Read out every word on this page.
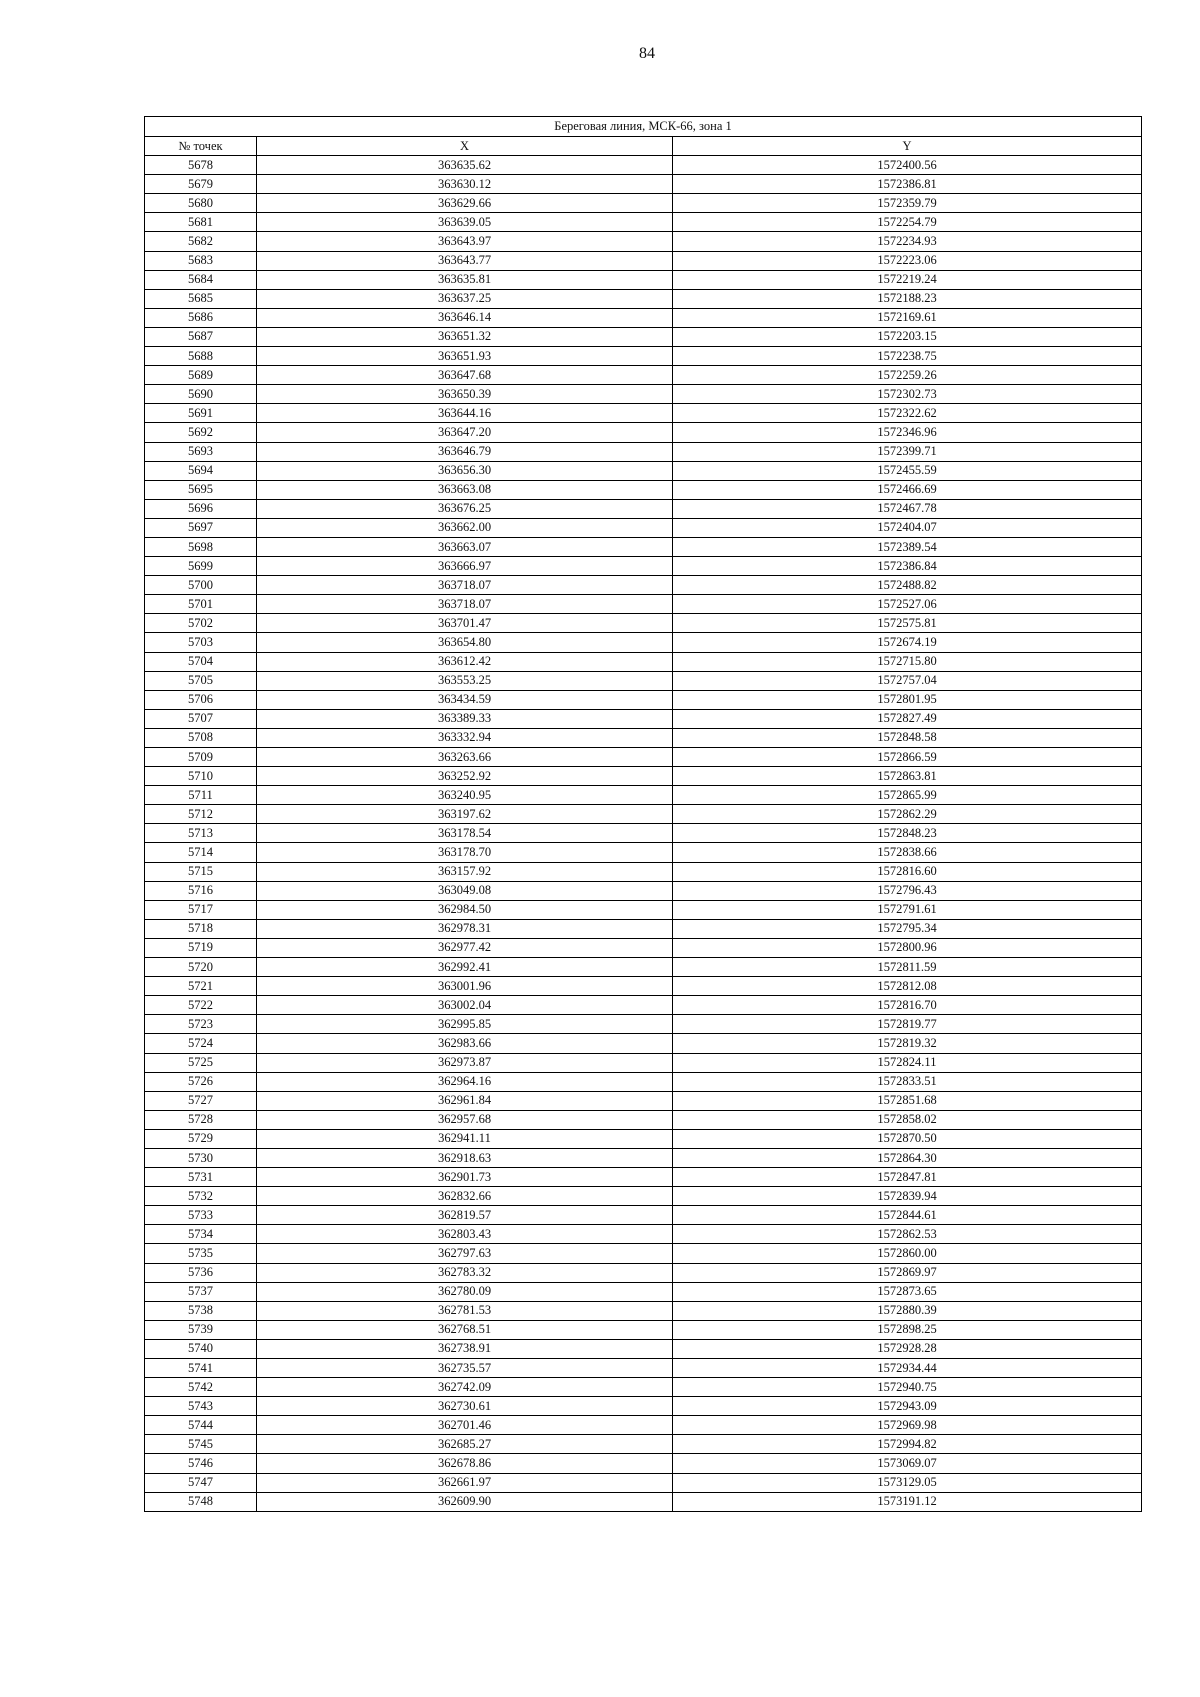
84
Береговая линия, МСК-66, зона 1		
№ точек	X	Y
5678	363635.62	1572400.56
5679	363630.12	1572386.81
5680	363629.66	1572359.79
5681	363639.05	1572254.79
5682	363643.97	1572234.93
5683	363643.77	1572223.06
5684	363635.81	1572219.24
5685	363637.25	1572188.23
5686	363646.14	1572169.61
5687	363651.32	1572203.15
5688	363651.93	1572238.75
5689	363647.68	1572259.26
5690	363650.39	1572302.73
5691	363644.16	1572322.62
5692	363647.20	1572346.96
5693	363646.79	1572399.71
5694	363656.30	1572455.59
5695	363663.08	1572466.69
5696	363676.25	1572467.78
5697	363662.00	1572404.07
5698	363663.07	1572389.54
5699	363666.97	1572386.84
5700	363718.07	1572488.82
5701	363718.07	1572527.06
5702	363701.47	1572575.81
5703	363654.80	1572674.19
5704	363612.42	1572715.80
5705	363553.25	1572757.04
5706	363434.59	1572801.95
5707	363389.33	1572827.49
5708	363332.94	1572848.58
5709	363263.66	1572866.59
5710	363252.92	1572863.81
5711	363240.95	1572865.99
5712	363197.62	1572862.29
5713	363178.54	1572848.23
5714	363178.70	1572838.66
5715	363157.92	1572816.60
5716	363049.08	1572796.43
5717	362984.50	1572791.61
5718	362978.31	1572795.34
5719	362977.42	1572800.96
5720	362992.41	1572811.59
5721	363001.96	1572812.08
5722	363002.04	1572816.70
5723	362995.85	1572819.77
5724	362983.66	1572819.32
5725	362973.87	1572824.11
5726	362964.16	1572833.51
5727	362961.84	1572851.68
5728	362957.68	1572858.02
5729	362941.11	1572870.50
5730	362918.63	1572864.30
5731	362901.73	1572847.81
5732	362832.66	1572839.94
5733	362819.57	1572844.61
5734	362803.43	1572862.53
5735	362797.63	1572860.00
5736	362783.32	1572869.97
5737	362780.09	1572873.65
5738	362781.53	1572880.39
5739	362768.51	1572898.25
5740	362738.91	1572928.28
5741	362735.57	1572934.44
5742	362742.09	1572940.75
5743	362730.61	1572943.09
5744	362701.46	1572969.98
5745	362685.27	1572994.82
5746	362678.86	1573069.07
5747	362661.97	1573129.05
5748	362609.90	1573191.12
